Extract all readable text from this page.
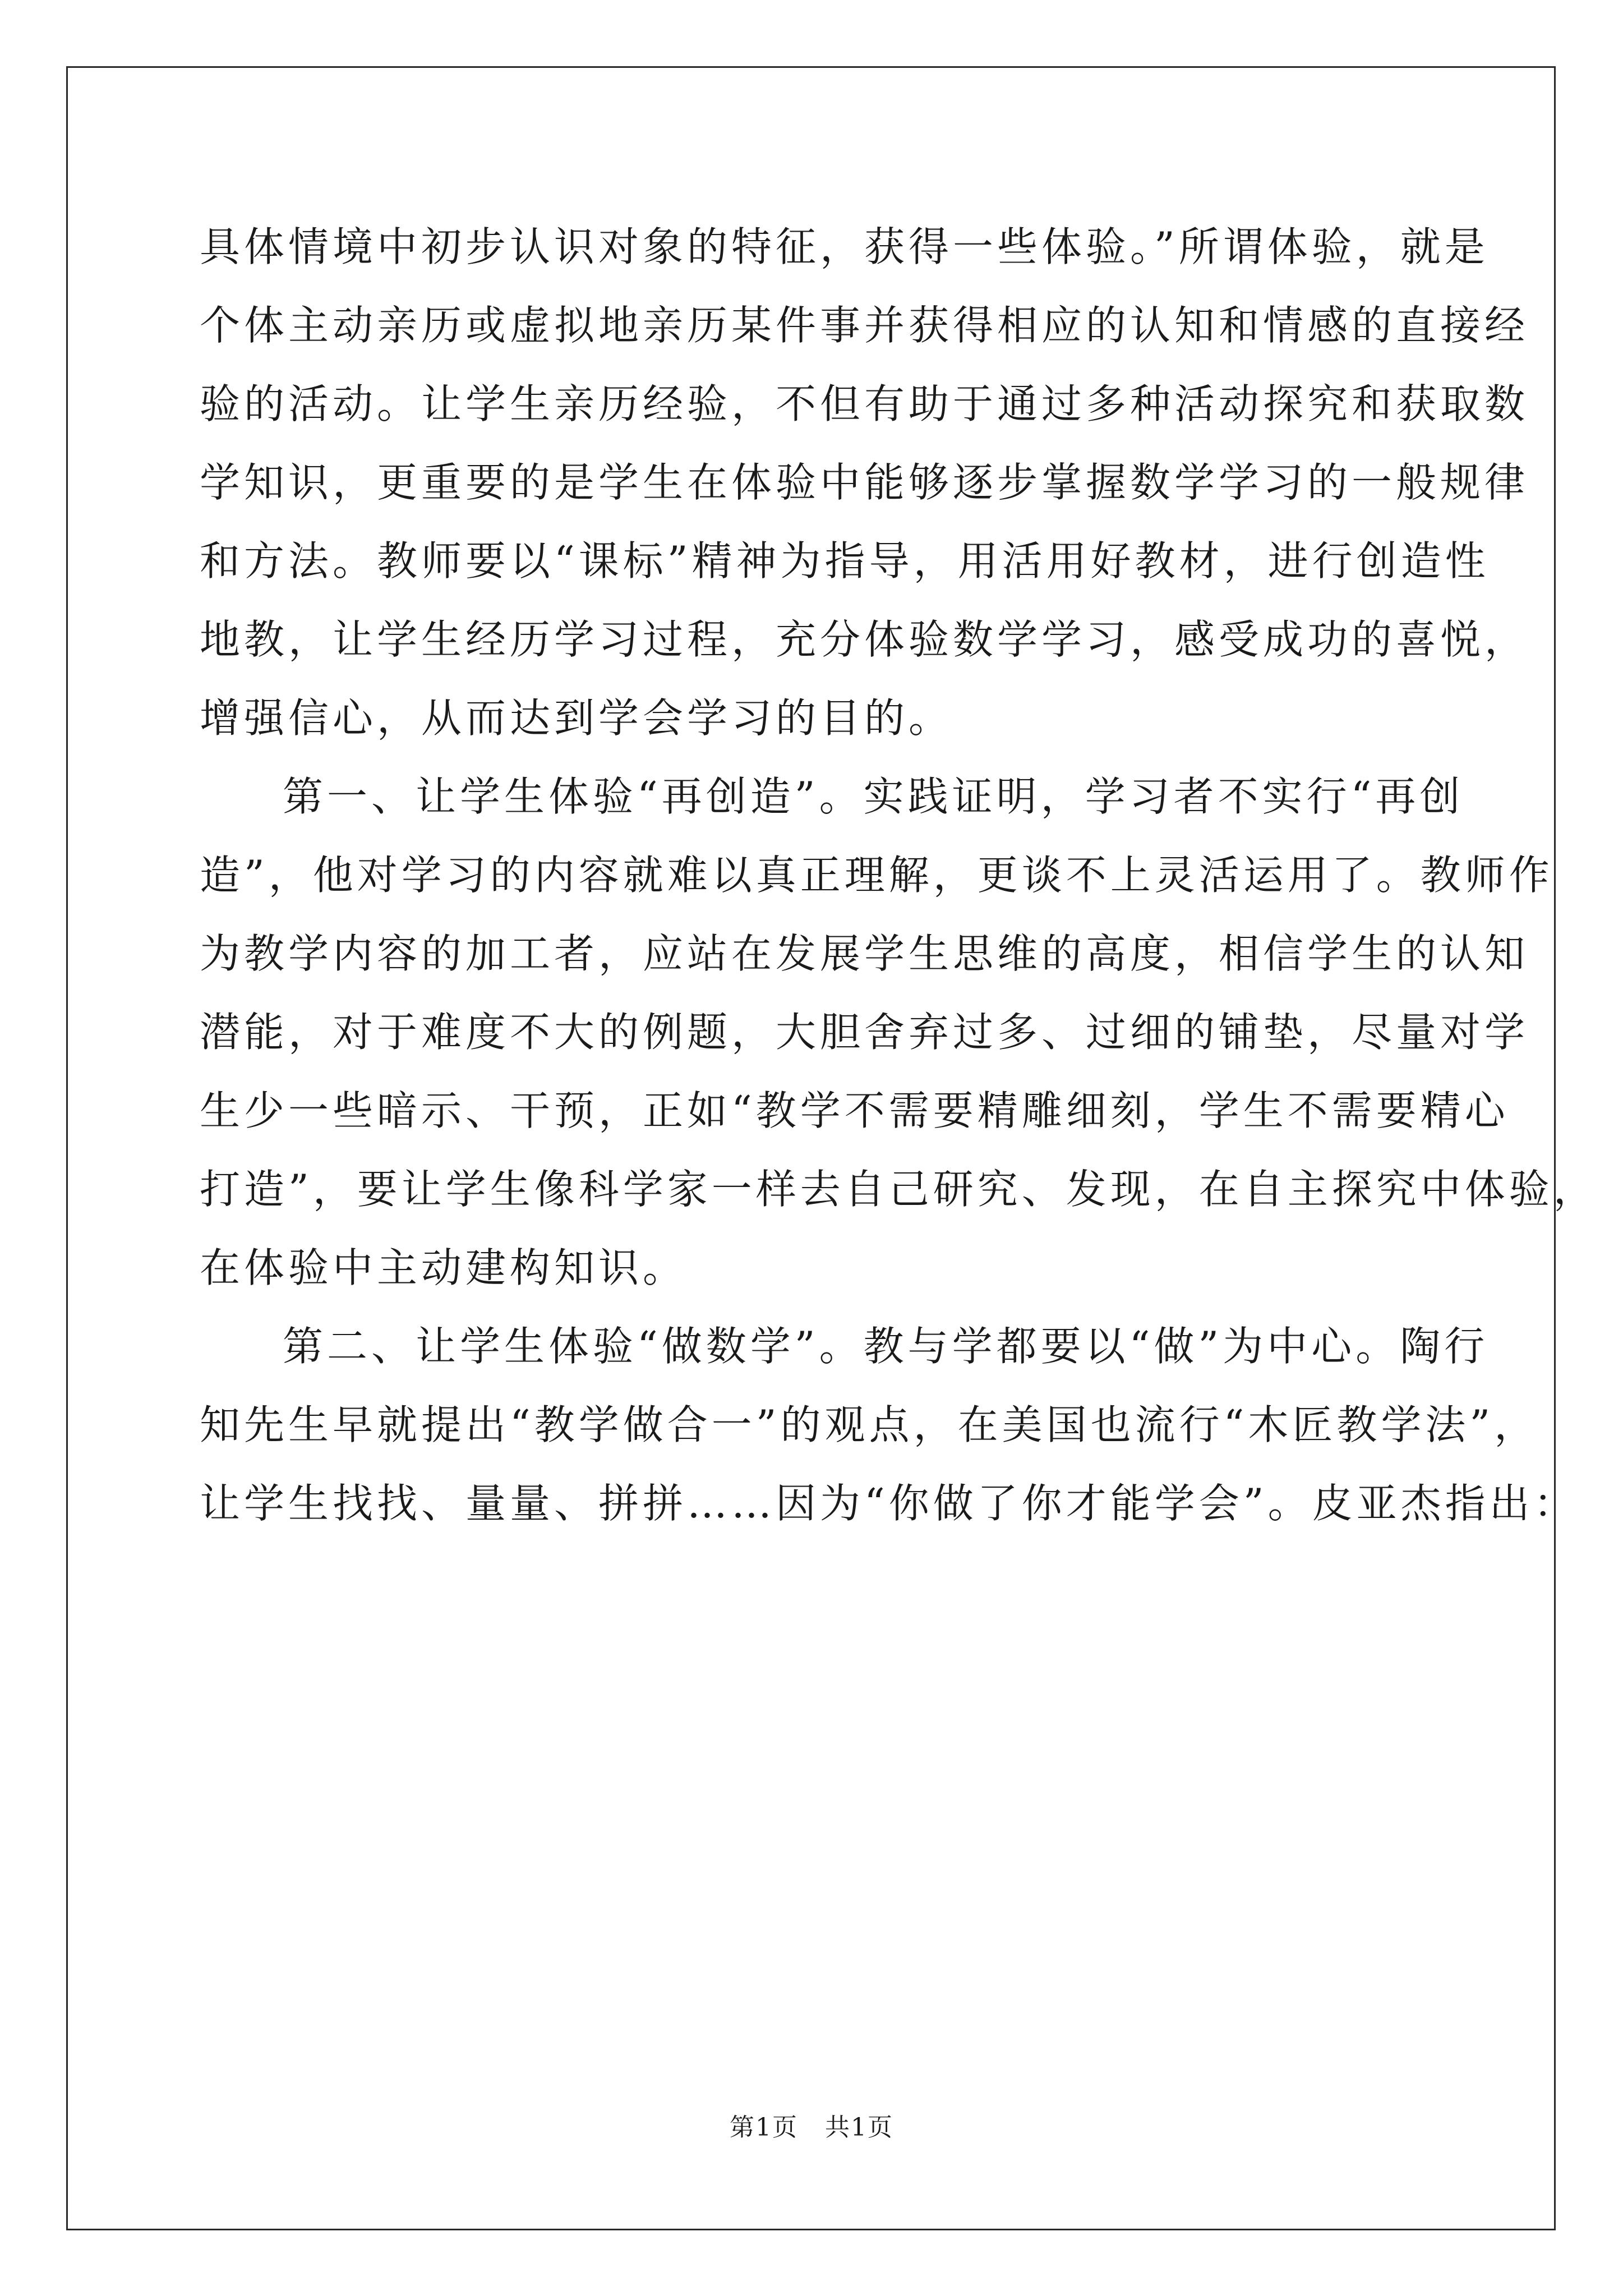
具体情境中初步认识对象的特征，获得一些体验。”所谓体验，就是
个体主动亲历或虚拟地亲历某件事并获得相应的认知和情感的直接经
验的活动。让学生亲历经验，不但有助于通过多种活动探究和获取数
学知识，更重要的是学生在体验中能够逐步掌握数学学习的一般规律
和方法。教师要以“课标”精神为指导，用活用好教材，进行创造性
地教，让学生经历学习过程，充分体验数学学习，感受成功的喜悦，
增强信心，从而达到学会学习的目的。
第一、让学生体验“再创造”。实践证明，学习者不实行“再创
造”，他对学习的内容就难以真正理解，更谈不上灵活运用了。教师作
为教学内容的加工者，应站在发展学生思维的高度，相信学生的认知
潜能，对于难度不大的例题，大胆舍弃过多、过细的铺垫，尽量对学
生少一些暗示、干预，正如“教学不需要精雕细刻，学生不需要精心
打造”，要让学生像科学家一样去自己研究、发现，在自主探究中体验，
在体验中主动建构知识。
第二、让学生体验“做数学”。教与学都要以“做”为中心。陶行
知先生早就提出“教学做合一”的观点，在美国也流行“木匠教学法”，
让学生找找、量量、拼拼……因为“你做了你才能学会”。皮亚杰指出：
第1页 共1页
